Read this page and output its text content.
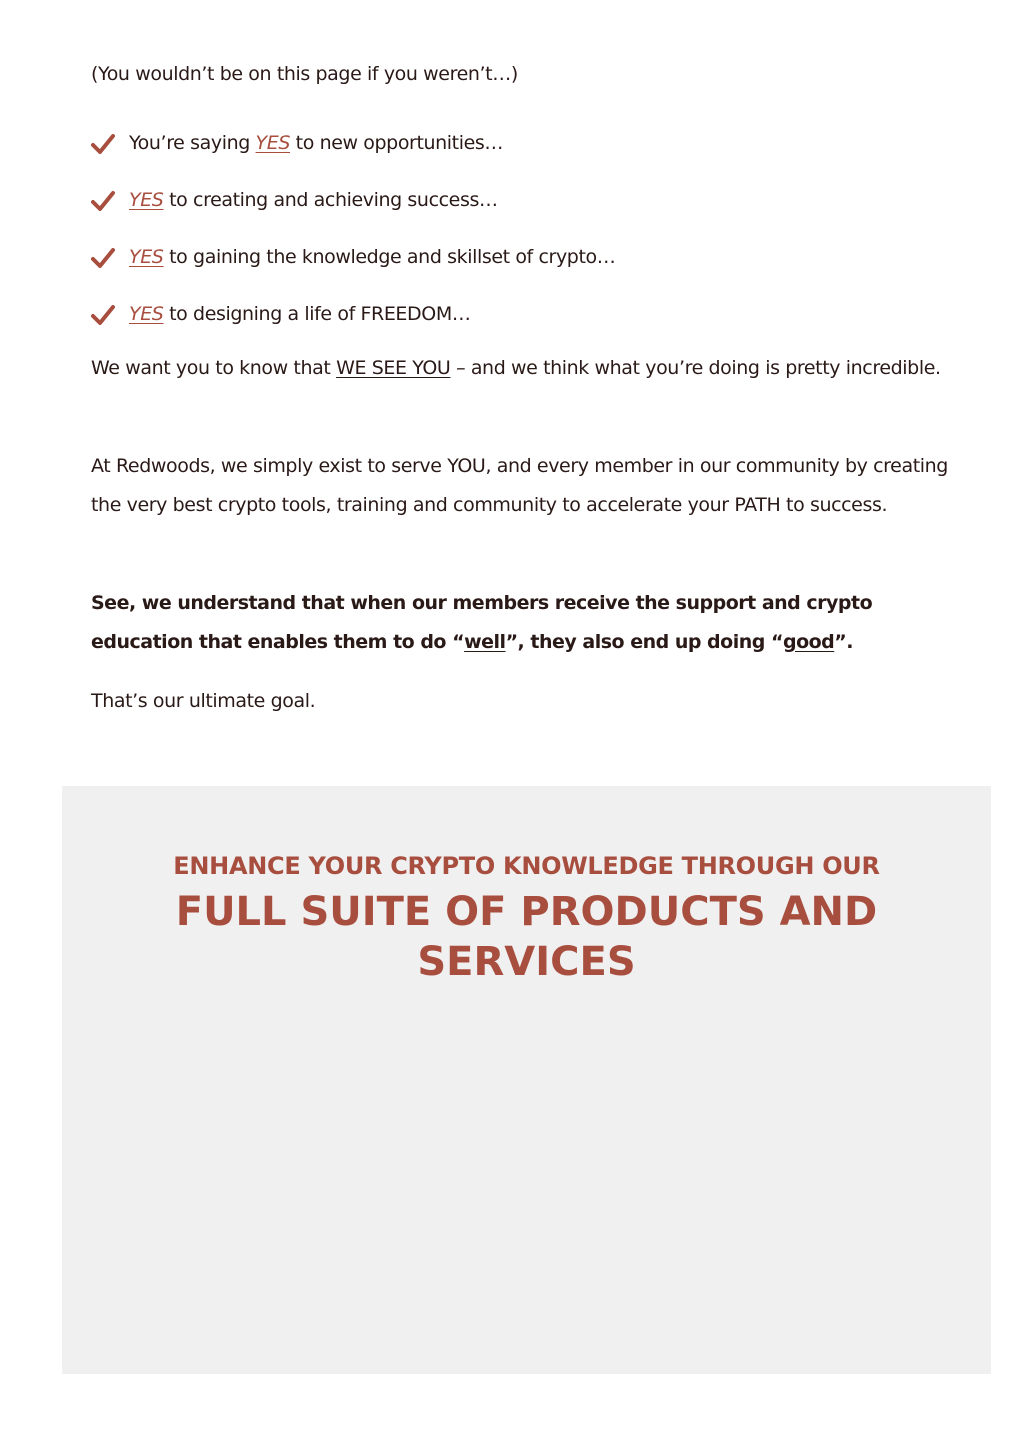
(You wouldn’t be on this page if you weren’t…)
You’re saying YES to new opportunities…
YES to creating and achieving success…
YES to gaining the knowledge and skillset of crypto…
YES to designing a life of FREEDOM…
We want you to know that WE SEE YOU – and we think what you’re doing is pretty incredible.
At Redwoods, we simply exist to serve YOU, and every member in our community by creating the very best crypto tools, training and community to accelerate your PATH to success.
See, we understand that when our members receive the support and crypto education that enables them to do “well”, they also end up doing “good”.
That’s our ultimate goal.
ENHANCE YOUR CRYPTO KNOWLEDGE THROUGH OUR
FULL SUITE OF PRODUCTS AND SERVICES
